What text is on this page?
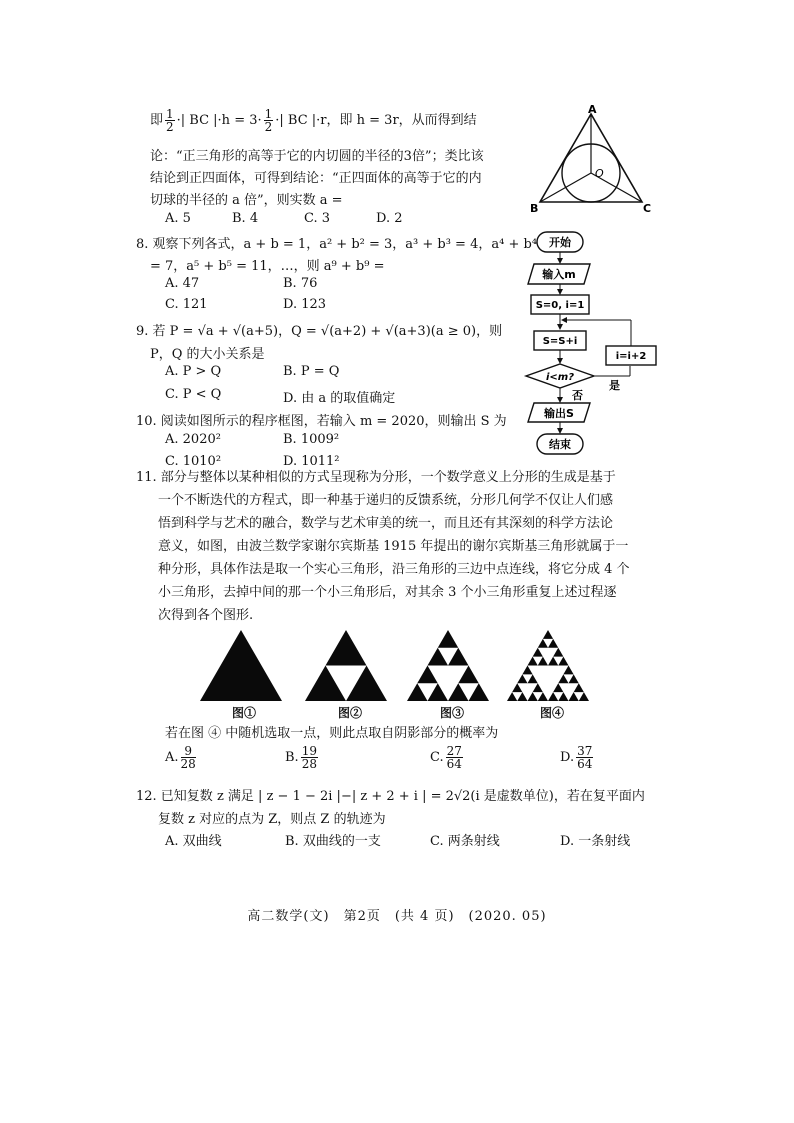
即 $\frac{1}{2}$ ·| BC $|\cdot h = 3\cdot \frac{1}{2}$ ·| BC |·r，即 h = 3r，从而得到结
论：“正三角形的高等于它的内切圆的半径的3倍”；类比该
结论到正四面体，可得到结论：“正四面体的高等于它的内
切球的半径的 a 倍”，则实数 a =
A. 5	B. 4	C. 3	D. 2
A
B	C
O
8. 观察下列各式，a + b = 1，a² + b² = 3，a³ + b³ = 4，a⁴ + b⁴
= 7，a⁵ + b⁵ = 11，…，则 a⁹ + b⁹ =
A. 47	B. 76
C. 121	D. 123
9. 若 P = √a + √(a+5)，Q = √(a+2) + √(a+3)(a ≥ 0)，则
P，Q 的大小关系是
A. P > Q	B. P = Q
C. P < Q	D. 由 a 的取值确定
10. 阅读如图所示的程序框图，若输入 m = 2020，则输出 S 为
A. 2020²	B. 1009²
C. 1010²	D. 1011²
开始
输入m
S=0, i=1
S=S+i
i<m?
i=i+2
是
否
输出S
结束
11. 部分与整体以某种相似的方式呈现称为分形，一个数学意义上分形的生成是基于
一个不断迭代的方程式，即一种基于递归的反馈系统，分形几何学不仅让人们感
悟到科学与艺术的融合，数学与艺术审美的统一，而且还有其深刻的科学方法论
意义，如图，由波兰数学家谢尔宾斯基 1915 年提出的谢尔宾斯基三角形就属于一
种分形，具体作法是取一个实心三角形，沿三角形的三边中点连线，将它分成 4 个
小三角形，去掉中间的那一个小三角形后，对其余 3 个小三角形重复上述过程逐
次得到各个图形.
图①	图②	图③	图④
若在图 ④ 中随机选取一点，则此点取自阴影部分的概率为
A. $\frac{9}{28}$	B. $\frac{19}{28}$	C. $\frac{27}{64}$	D. $\frac{37}{64}$
12. 已知复数 z 满足 | z − 1 − 2i |−| z + 2 + i | = 2√2(i 是虚数单位)，若在复平面内
复数 z 对应的点为 Z，则点 Z 的轨迹为
A. 双曲线	B. 双曲线的一支	C. 两条射线	D. 一条射线
高二数学(文)　第2页　(共 4 页)　(2020. 05)
